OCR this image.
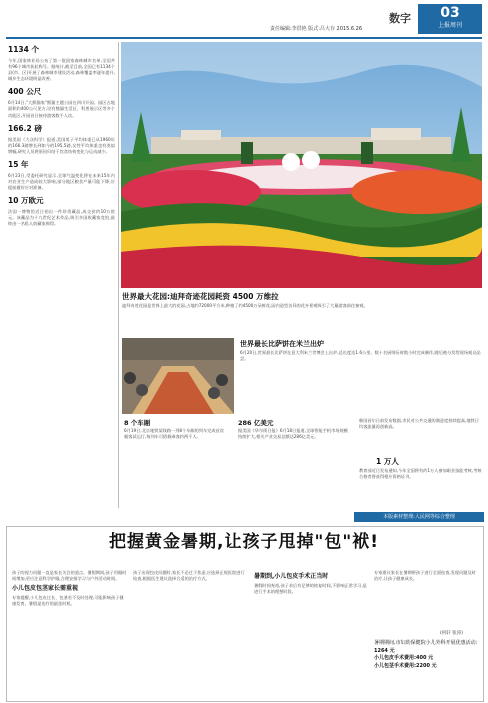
数字
责任编辑:李洪艳 版式:吕大存 2015.6.26
03
上报周刊
1134 个
今年,国家林业局公布了第一批国家森林城市名单,全国共有96个城市获此称号。据统计,截至目前,全国已有1134个县(市、区)开展了森林城市建设活动,森林覆盖率逐年提升,城乡生态环境明显改善。
400 公尺
6月14日,"大熊猫家"熊猫主题公园在四川开园。园区占地面积约400公尺见方,设有熊猫生活区、科普展示区等多个功能区,开园首日接待游客数千人次。
166.2 磅
据美国《大众科学》报道,美国男子平均体重已从1960年的166.3磅增长到如今的195.5磅,女性平均体重也有类似增幅,研究人员将原因归结于饮食结构变化与运动减少。
15 年
6月23日,受委托研究显示,全球气温变化将在未来15年内对农业生产造成较大影响,部分地区粮食产量可能下降,应提前做好应对准备。
10 万欧元
法国一博物馆近日拍出一件珍贵藏品,成交价约10万欧元。该藏品为十九世纪艺术作品,吸引多国收藏家竞拍,最终由一名私人收藏家购得。
世界最大花园:迪拜奇迹花园耗资 4500 万维拉
迪拜奇迹花园是世界上最大的花园,占地约72000平方米,种植了约4500万朵鲜花,园内造型各异的花卉景观吸引了大量游客前往参观。
世界最长比萨饼在米兰出炉
6月20日,世界最长比萨饼在意大利米兰世博会上出炉,总长度达1.6公里。数十名厨师历时数小时完成制作,随后被分发给现场观众品尝。
8 个车厢
6月19日,北京地铁某线路一列8个车厢的列车完成首次载客试运行,每列车可搭载乘客约两千人。
286 亿美元
据美国《华尔街日报》6月18日报道,全球智能手机市场规模持续扩大,相关产业交易总额达286亿美元。
韩国首尔日前发布数据,市民对公共交通的满意度持续提高,地铁日均客流量再创新高。
1 万人
教育部近日发布通知,今年全国将有约1万人参加职业技能考核,考核合格者将获得相应资格证书。
本版素材整理:人民网等综合整理
把握黄金暑期,让孩子甩掉"包"袱!
孩子的视力问题一直是家长关注的重点。暑假期间,孩子用眼时间增加,更应注意科学护眼,合理安排学习与户外活动时间。
小儿包皮包茎家长需重视
专家提醒,小儿包皮过长、包茎若不及时处理,可能影响孩子健康发育。暑假是治疗的最佳时机。
孩子出现包皮问题时,家长不必过于焦虑,应选择正规医院进行检查,根据医生建议选择合适的治疗方式。	暑期到,小儿包皮手术正当时
暑假时间充裕,孩子术后有足够的恢复时间,不影响正常学习,是进行手术的理想时段。
专家建议家长在暑期带孩子进行全面检查,发现问题及时治疗,让孩子健康成长。
(何轩 张涛)
暑期期间,市妇幼保健院小儿外科开展优惠活动:
1264 元
小儿包皮手术费用:400 元
小儿包茎手术费用:2200 元
